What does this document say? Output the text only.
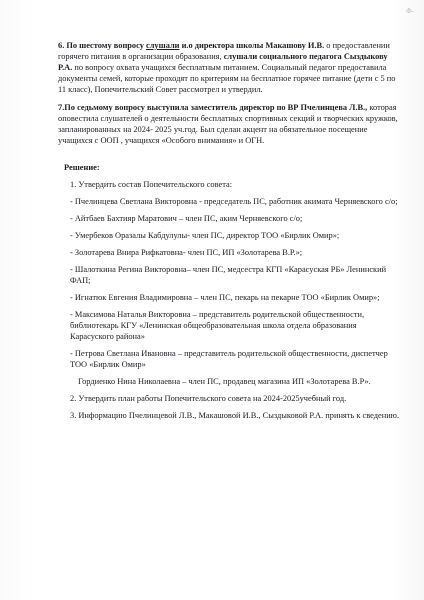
Ф-

6. По шестому вопросу слушали и.о директора школы Макашову И.В. о предоставлении горячего питания в организации образования, слушали социального педагога Сыздыкову Р.А. по вопросу охвата учащихся бесплатным питанием. Социальный педагог предоставила документы семей, которые проходят по критериям на бесплатное горячее питание (дети с 5 по 11 класс), Попечительский Совет рассмотрел и утвердил.

7.По седьмому вопросу выступила заместитель директор по ВР Пчелинцева Л.В., которая оповестила слушателей о деятельности бесплатных спортивных секций и творческих кружков, запланированных на 2024- 2025 уч.год. Был сделан акцент на обязательное посещение учащихся с ООП , учащихся «Особого внимания» и ОГН.

Решение:
1. Утвердить состав Попечительского совета:
- Пчелинцева Светлана Викторовна - председатель ПС, работник акимата Черняевского с/о;
- Айтбаев Бахтияр Маратович – член ПС, аким Черняевского с/о;
- Умербеков Оразалы Кабдулулы- член ПС, директор ТОО «Бирлик Омир»;
- Золотарева Внира Рифкатовна- член ПС, ИП «Золотарева В.Р.»;
- Шалоткина Регина Викторовна– член ПС, медсестра КГП «Карасуская РБ» Ленинский ФАП;
- Игнатюк Евгения Владимировна – член ПС, пекарь на пекарне ТОО «Бирлик Омир»;
- Максимова Наталья Викторовна – представитель родительской общественности, библиотекарь КГУ «Ленинская общеобразовательная школа отдела образования Карасуского района»
- Петрова Светлана Ивановна – представитель родительской общественности, диспетчер ТОО «Бирлик Омир»
Гордиенко Нина Николаевна – член ПС, продавец магазина ИП «Золотарева В.Р».
2. Утвердить план работы Попечительского совета на 2024-2025учебный год.
3. Информацию Пчелинцевой Л.В., Макашовой И.В., Сыздыковой Р.А. принять к сведению.
